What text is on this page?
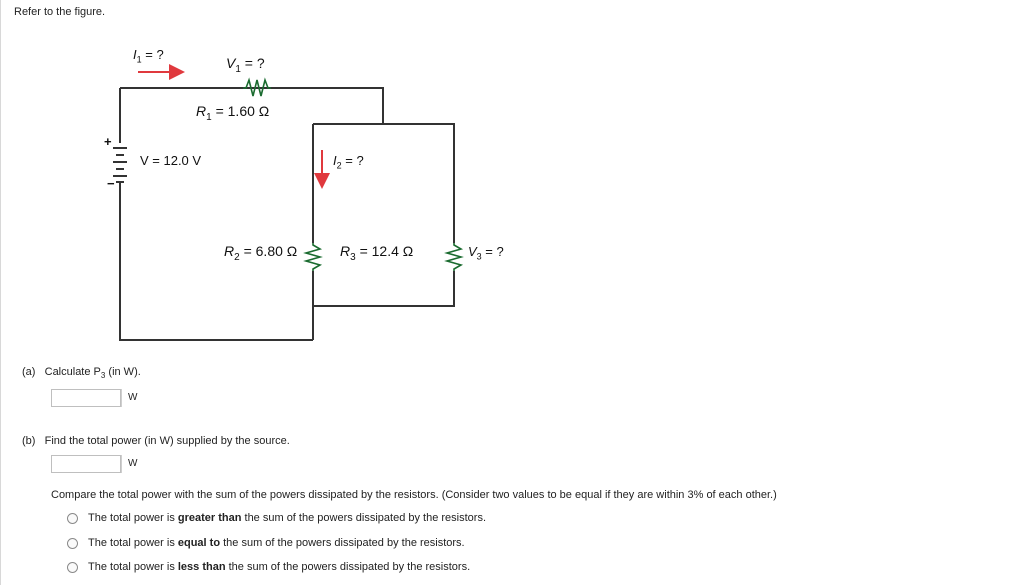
Refer to the figure.
$I_1$ = ?
$V_1$ = ?
$R_1 = 1.60$ Ω
+
−
V = 12.0 V	$I_2$ = ?
$R_2 = 6.80$ Ω	$R_3 = 12.4$ Ω	$V_3$ = ?
(a) Calculate $P_3$ (in W).
W
(b) Find the total power (in W) supplied by the source.
W
Compare the total power with the sum of the powers dissipated by the resistors. (Consider two values to be equal if they are within 3% of each other.)
The total power is greater than the sum of the powers dissipated by the resistors.
The total power is equal to the sum of the powers dissipated by the resistors.
The total power is less than the sum of the powers dissipated by the resistors.
